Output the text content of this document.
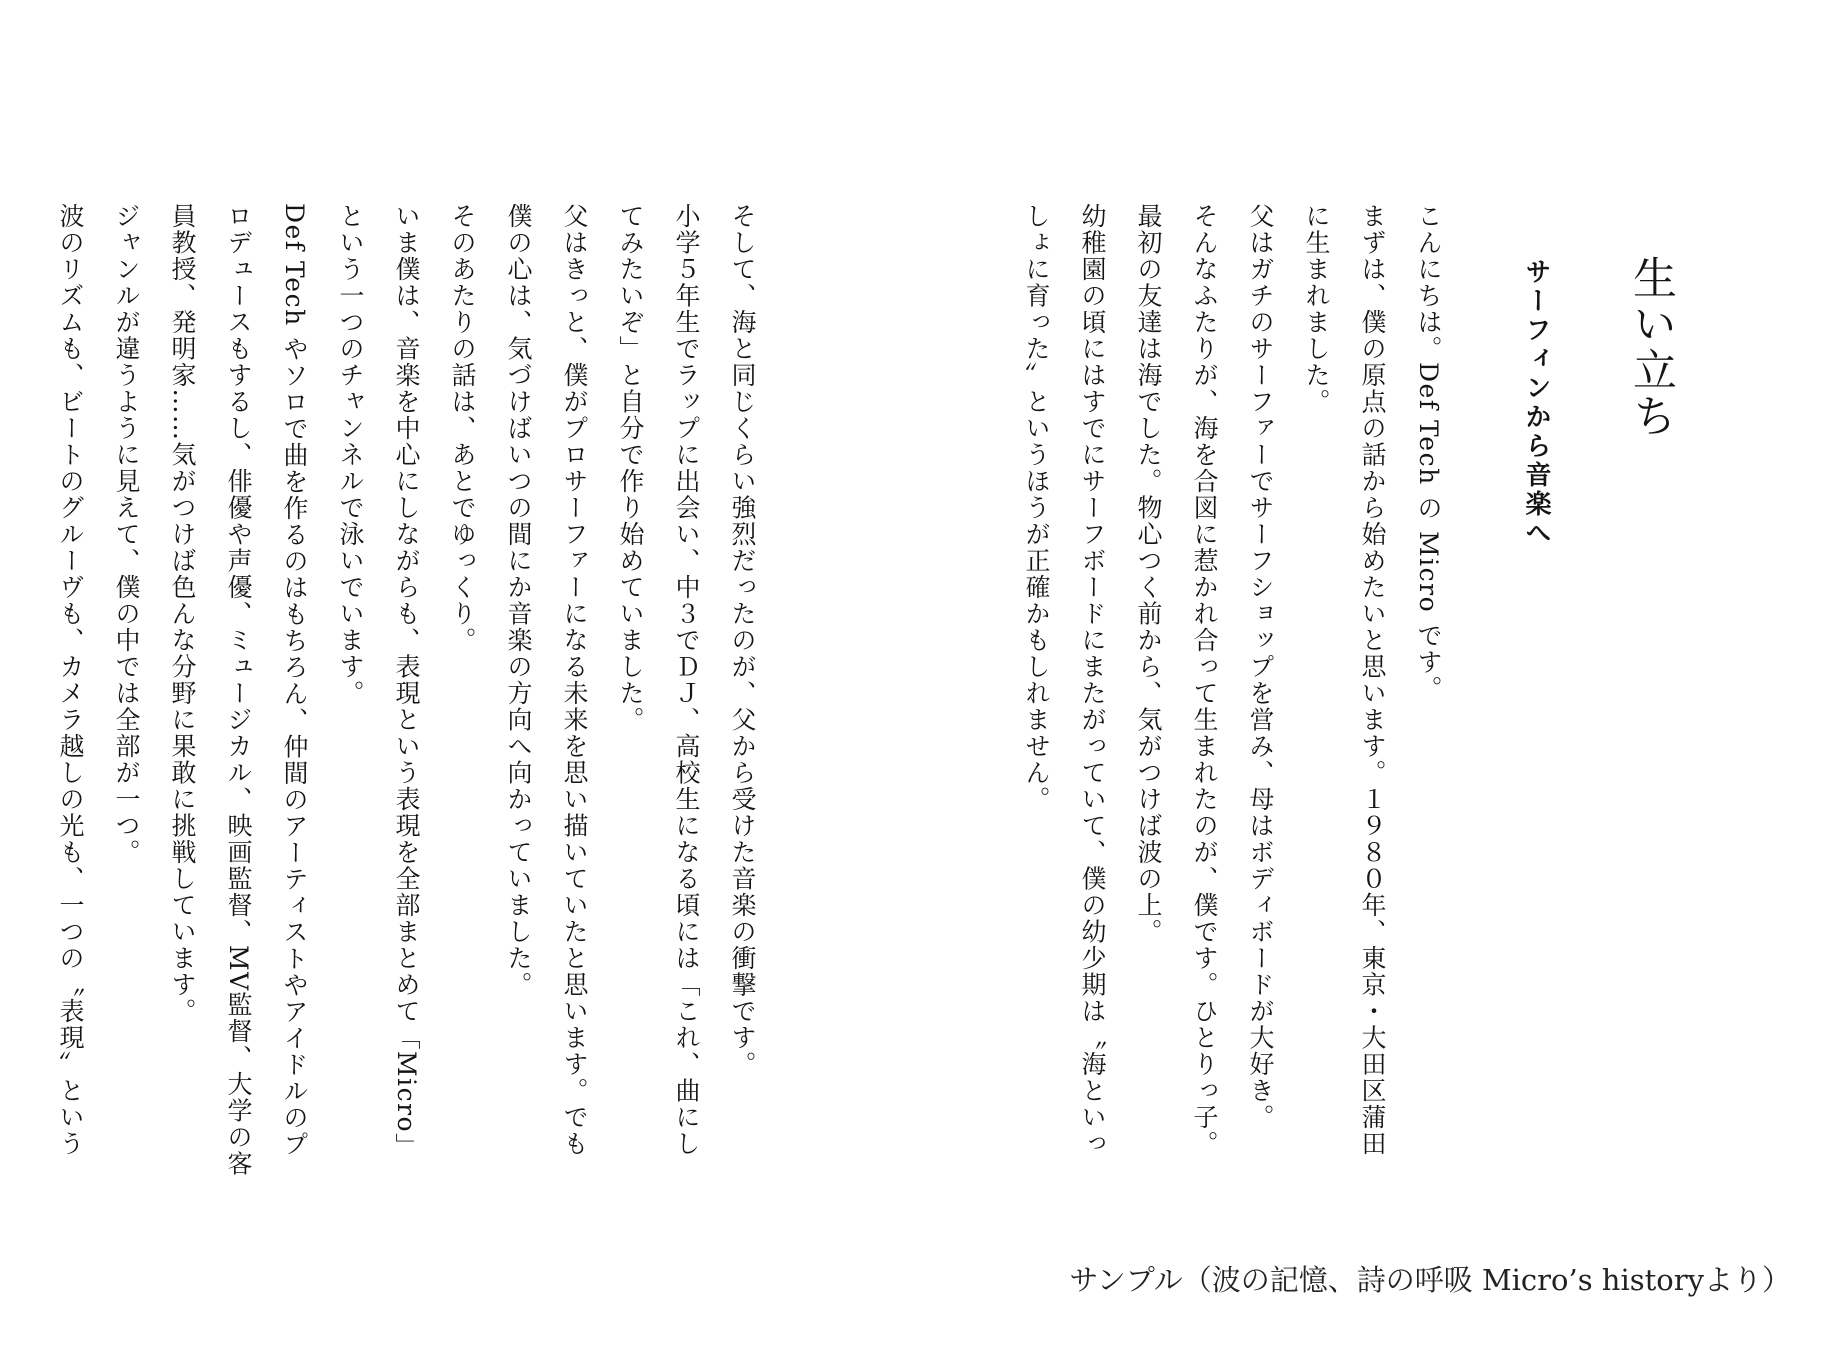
生い立ち
サーフィンから音楽へ
こんにちは。Def Tech の Micro です。
まずは、僕の原点の話から始めたいと思います。１９８０年、東京・大田区蒲田
に生まれました。
父はガチのサーファーでサーフショップを営み、母はボディボードが大好き。
そんなふたりが、海を合図に惹かれ合って生まれたのが、僕です。ひとりっ子。
最初の友達は海でした。物心つく前から、気がつけば波の上。
幼稚園の頃にはすでにサーフボードにまたがっていて、僕の幼少期は〝海といっ
しょに育った〟というほうが正確かもしれません。
そして、海と同じくらい強烈だったのが、父から受けた音楽の衝撃です。
小学５年生でラップに出会い、中３でＤＪ、高校生になる頃には「これ、曲にし
てみたいぞ」と自分で作り始めていました。
父はきっと、僕がプロサーファーになる未来を思い描いていたと思います。でも
僕の心は、気づけばいつの間にか音楽の方向へ向かっていました。
そのあたりの話は、あとでゆっくり。
いま僕は、音楽を中心にしながらも、表現という表現を全部まとめて「Micro」
という一つのチャンネルで泳いでいます。
Def Tech やソロで曲を作るのはもちろん、仲間のアーティストやアイドルのプ
ロデュースもするし、俳優や声優、ミュージカル、映画監督、MV監督、大学の客
員教授、発明家……気がつけば色んな分野に果敢に挑戦しています。
ジャンルが違うように見えて、僕の中では全部が一つ。
波のリズムも、ビートのグルーヴも、カメラ越しの光も、一つの〝表現〟という
サンプル（波の記憶、詩の呼吸 Micro’s historyより）
